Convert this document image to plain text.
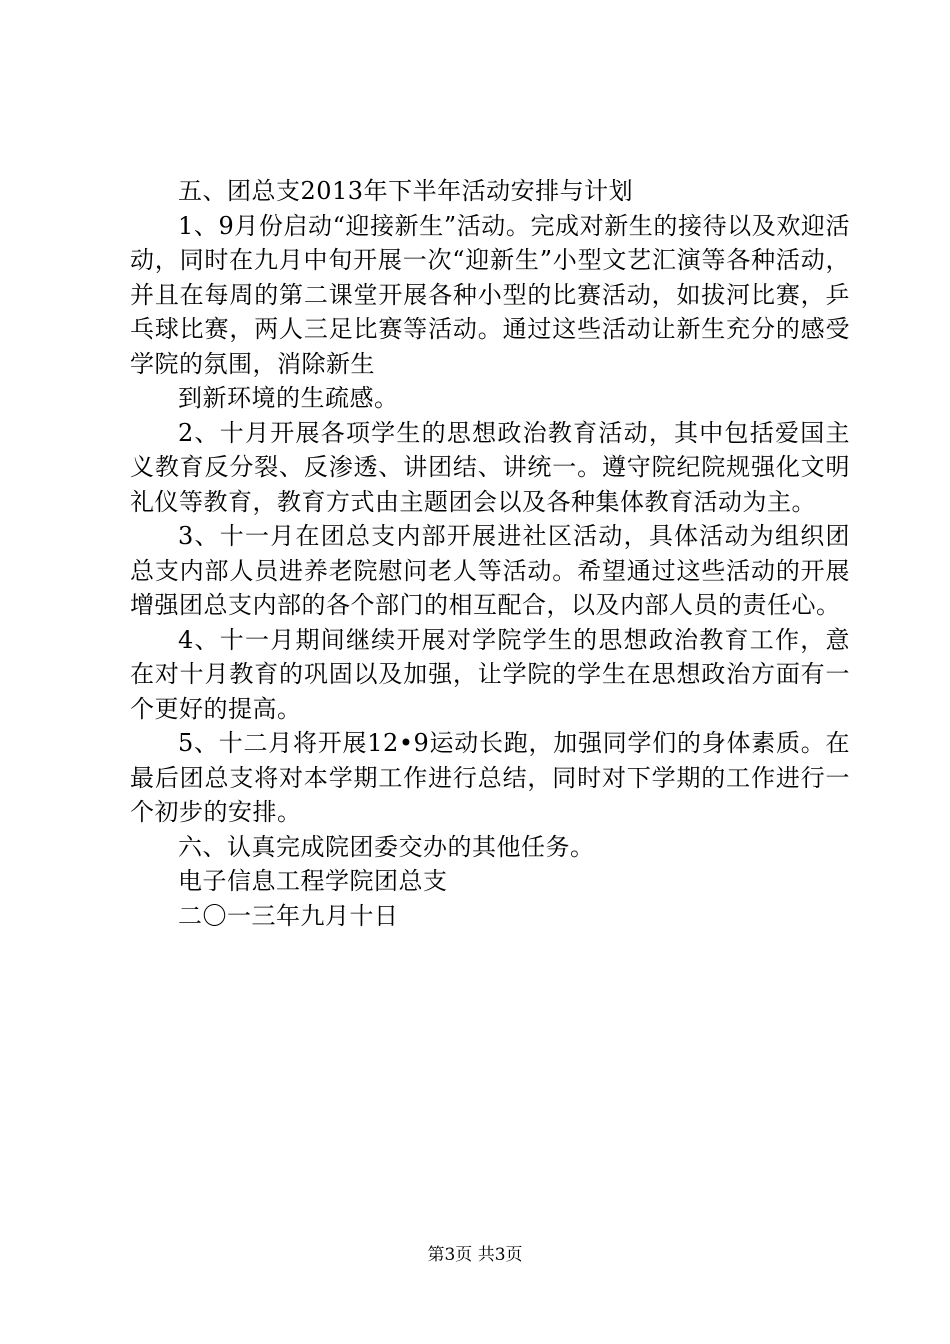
五、团总支2013年下半年活动安排与计划

1、9月份启动“迎接新生”活动。完成对新生的接待以及欢迎活动，同时在九月中旬开展一次“迎新生”小型文艺汇演等各种活动，并且在每周的第二课堂开展各种小型的比赛活动，如拔河比赛，乒乓球比赛，两人三足比赛等活动。通过这些活动让新生充分的感受学院的氛围，消除新生

到新环境的生疏感。

2、十月开展各项学生的思想政治教育活动，其中包括爱国主义教育反分裂、反渗透、讲团结、讲统一。遵守院纪院规强化文明礼仪等教育，教育方式由主题团会以及各种集体教育活动为主。

3、十一月在团总支内部开展进社区活动，具体活动为组织团总支内部人员进养老院慰问老人等活动。希望通过这些活动的开展增强团总支内部的各个部门的相互配合，以及内部人员的责任心。

4、十一月期间继续开展对学院学生的思想政治教育工作，意在对十月教育的巩固以及加强，让学院的学生在思想政治方面有一个更好的提高。

5、十二月将开展12•9运动长跑，加强同学们的身体素质。在最后团总支将对本学期工作进行总结，同时对下学期的工作进行一个初步的安排。

六、认真完成院团委交办的其他任务。

电子信息工程学院团总支

二〇一三年九月十日

第3页 共3页
